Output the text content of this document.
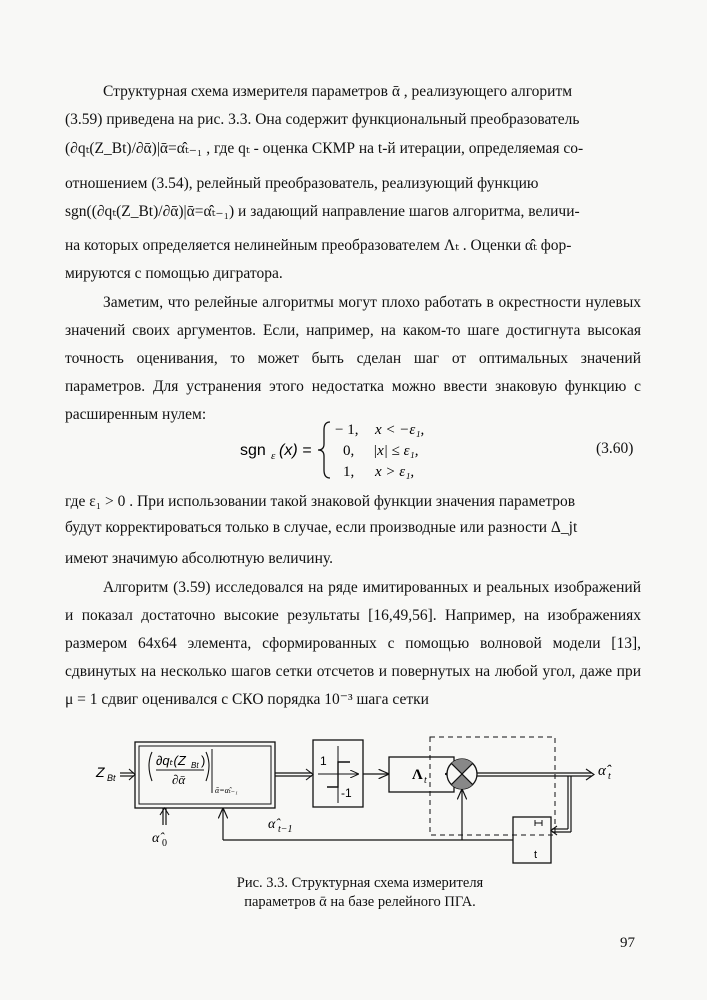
Структурная схема измерителя параметров ᾱ , реализующего алгоритм

(3.59) приведена на рис. 3.3. Она содержит функциональный преобразователь

(∂qₜ(Z_Bt)/∂ᾱ)|ᾱ=α̂ₜ₋₁ , где qₜ - оценка СКМР на t-й итерации, определяемая со-

отношением (3.54), релейный преобразователь, реализующий функцию

sgn((∂qₜ(Z_Bt)/∂ᾱ)|ᾱ=α̂ₜ₋₁) и задающий направление шагов алгоритма, величи-

на которых определяется нелинейным преобразователем Λₜ . Оценки α̂ₜ фор-

мируются с помощью дигратора.

Заметим, что релейные алгоритмы могут плохо работать в окрестности нулевых значений своих аргументов. Если, например, на каком-то шаге достигнута высокая точность оценивания, то может быть сделан шаг от оптимальных значений параметров. Для устранения этого недостатка можно ввести знаковую функцию с расширенным нулем:

sgn ε (x) =
− 1, x < −ε₁,
0, |x| ≤ ε₁,
1, x > ε₁,
(3.60)

где ε₁ > 0 . При использовании такой знаковой функции значения параметров

будут корректироваться только в случае, если производные или разности Δ_jt

имеют значимую абсолютную величину.

Алгоритм (3.59) исследовался на ряде имитированных и реальных изображений и показал достаточно высокие результаты [16,49,56]. Например, на изображениях размером 64х64 элемента, сформированных с помощью волновой модели [13], сдвинутых на несколько шагов сетки отсчетов и повернутых на любой угол, даже при μ = 1 сдвиг оценивался с СКО порядка 10⁻³ шага сетки

Z Bt
∂qₜ(Z Bt )
∂ᾱ
ᾱ=α̂ₜ₋₁
1
-1
Λ t
α̂ t
t
α̂ t−1
α̂ 0
Рис. 3.3. Структурная схема измерителя
параметров ᾱ на базе релейного ПГА.
97
